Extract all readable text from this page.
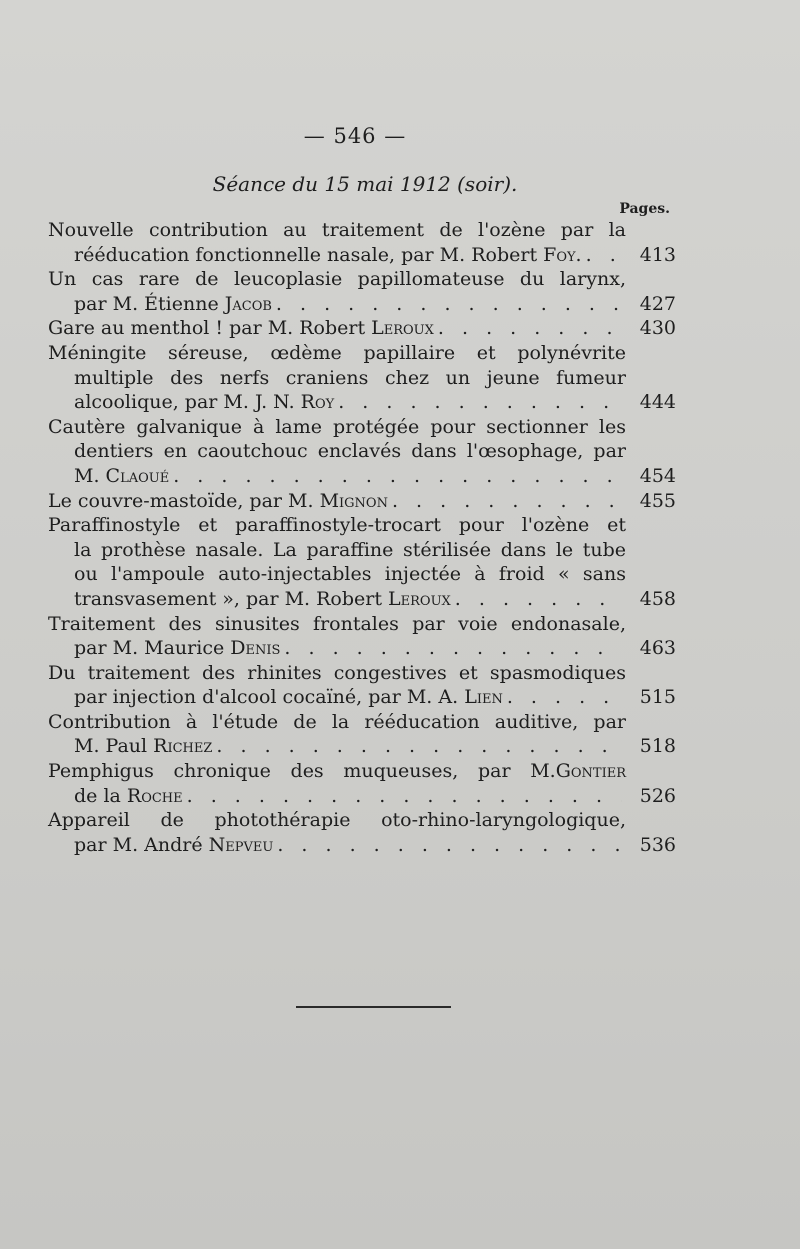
— 546 —
Séance du 15 mai 1912 (soir).
Pages.
Nouvelle contribution au traitement de l'ozène par la
rééducation fonctionnelle nasale, par M. Robert Foy. . . .	413
Un cas rare de leucoplasie papillomateuse du larynx,
par M. Étienne Jacob . . .	427
Gare au menthol ! par M. Robert Leroux . . .	430
Méningite séreuse, œdème papillaire et polynévrite
multiple des nerfs craniens chez un jeune fumeur
alcoolique, par M. J. N. Roy . . .	444
Cautère galvanique à lame protégée pour sectionner les
dentiers en caoutchouc enclavés dans l'œsophage, par
M. Claoué . . .	454
Le couvre-mastoïde, par M. Mignon . . .	455
Paraffinostyle et paraffinostyle-trocart pour l'ozène et
la prothèse nasale. La paraffine stérilisée dans le tube
ou l'ampoule auto-injectables injectée à froid « sans
transvasement », par M. Robert Leroux . . .	458
Traitement des sinusites frontales par voie endonasale,
par M. Maurice Denis . . .	463
Du traitement des rhinites congestives et spasmodiques
par injection d'alcool cocaïné, par M. A. Lien . . .	515
Contribution à l'étude de la rééducation auditive, par
M. Paul Richez . . .	518
Pemphigus chronique des muqueuses, par M. Gontier
de la Roche . . .	526
Appareil de photothérapie oto-rhino-laryngologique,
par M. André Nepveu . . .	536
